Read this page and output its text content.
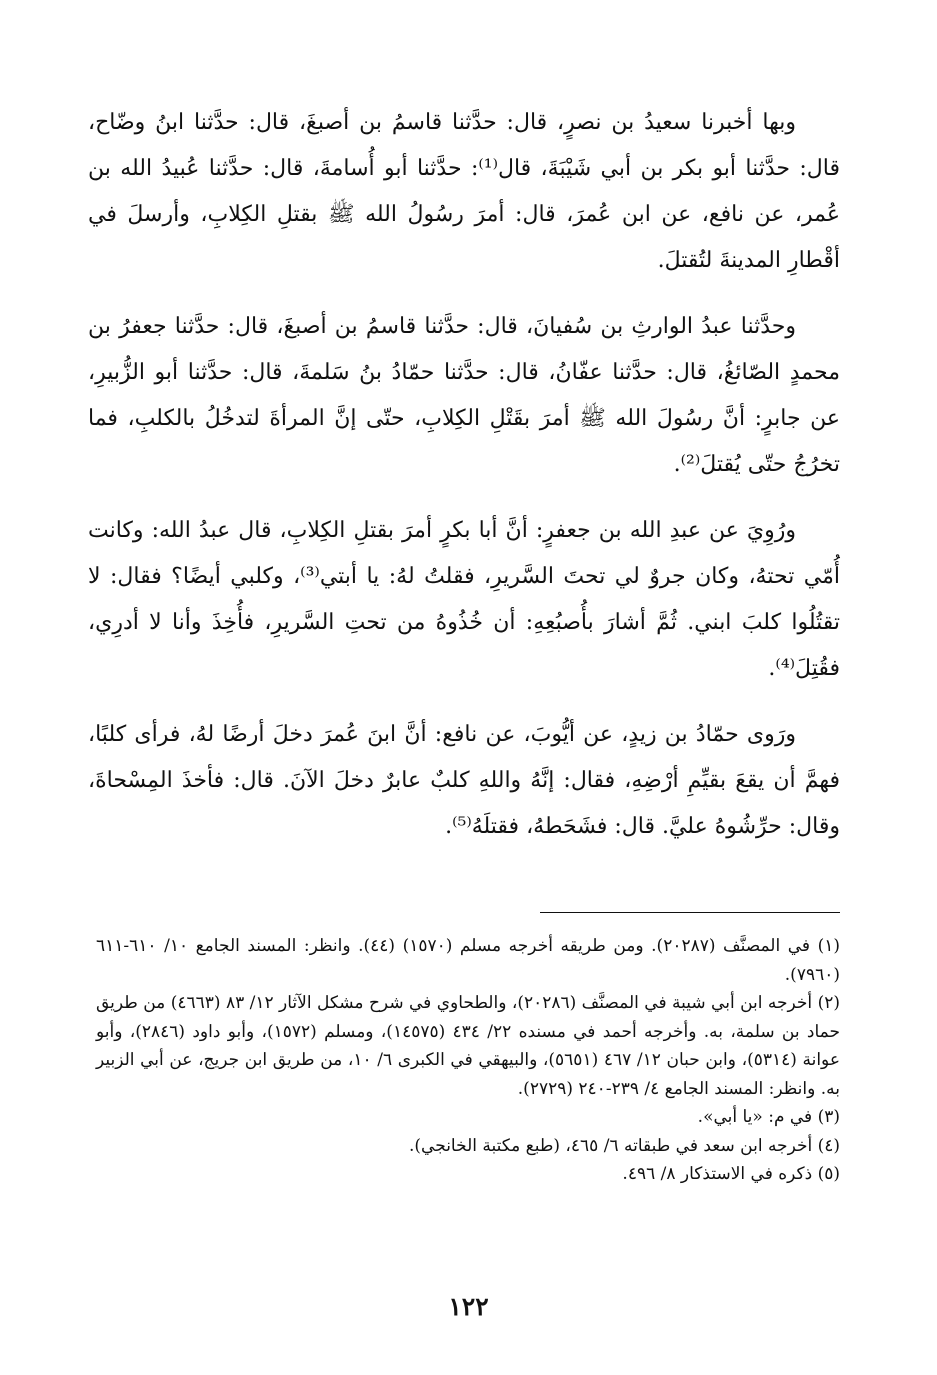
وبها أخبرنا سعيدُ بن نصرٍ، قال: حدَّثنا قاسمُ بن أصبغَ، قال: حدَّثنا ابنُ وضّاح، قال: حدَّثنا أبو بكر بن أبي شَيْبَةَ، قال⁽¹⁾: حدَّثنا أبو أُسامةَ، قال: حدَّثنا عُبيدُ الله بن عُمر، عن نافع، عن ابن عُمرَ، قال: أمرَ رسُولُ الله ﷺ بقتلِ الكِلابِ، وأرسلَ في أقْطارِ المدينةَ لتُقتلَ.

وحدَّثنا عبدُ الوارثِ بن سُفيانَ، قال: حدَّثنا قاسمُ بن أصبغَ، قال: حدَّثنا جعفرُ بن محمدٍ الصّائغُ، قال: حدَّثنا عفّانُ، قال: حدَّثنا حمّادُ بنُ سَلمةَ، قال: حدَّثنا أبو الزُّبيرِ، عن جابرٍ: أنَّ رسُولَ الله ﷺ أمرَ بقَتْلِ الكِلابِ، حتّى إنَّ المرأةَ لتدخُلُ بالكلبِ، فما تخرُجُ حتّى يُقتلَ⁽²⁾.

ورُوِيَ عن عبدِ الله بن جعفرٍ: أنَّ أبا بكرٍ أمرَ بقتلِ الكِلابِ، قال عبدُ الله: وكانت أُمّي تحتهُ، وكان جروٌ لي تحتَ السَّريرِ، فقلتُ لهُ: يا أبتي⁽³⁾، وكلبي أيضًا؟ فقال: لا تقتُلُوا كلبَ ابني. ثُمَّ أشارَ بأُصبُعِهِ: أن خُذُوهُ من تحتِ السَّريرِ، فأُخِذَ وأنا لا أدرِي، فقُتِلَ⁽⁴⁾.

ورَوى حمّادُ بن زيدٍ، عن أيُّوبَ، عن نافع: أنَّ ابنَ عُمرَ دخلَ أرضًا لهُ، فرأى كلبًا، فهمَّ أن يقعَ بقيِّمِ أرْضِهِ، فقال: إنَّهُ واللهِ كلبٌ عابرٌ دخلَ الآنَ. قال: فأخذَ المِسْحاةَ، وقال: حرِّشُوهُ عليَّ. قال: فشَحَطهُ، فقتلَهُ⁽⁵⁾.

(١) في المصنَّف (٢٠٢٨٧). ومن طريقه أخرجه مسلم (١٥٧٠) (٤٤). وانظر: المسند الجامع ١٠/ ٦١٠-٦١١ (٧٩٦٠).

(٢) أخرجه ابن أبي شيبة في المصنَّف (٢٠٢٨٦)، والطحاوي في شرح مشكل الآثار ١٢/ ٨٣ (٤٦٦٣) من طريق حماد بن سلمة، به. وأخرجه أحمد في مسنده ٢٢/ ٤٣٤ (١٤٥٧٥)، ومسلم (١٥٧٢)، وأبو داود (٢٨٤٦)، وأبو عوانة (٥٣١٤)، وابن حبان ١٢/ ٤٦٧ (٥٦٥١)، والبيهقي في الكبرى ٦/ ١٠، من طريق ابن جريج، عن أبي الزبير به. وانظر: المسند الجامع ٤/ ٢٣٩-٢٤٠ (٢٧٢٩).

(٣) في م: «يا أبي».

(٤) أخرجه ابن سعد في طبقاته ٦/ ٤٦٥، (طبع مكتبة الخانجي).

(٥) ذكره في الاستذكار ٨/ ٤٩٦.

١٢٢
